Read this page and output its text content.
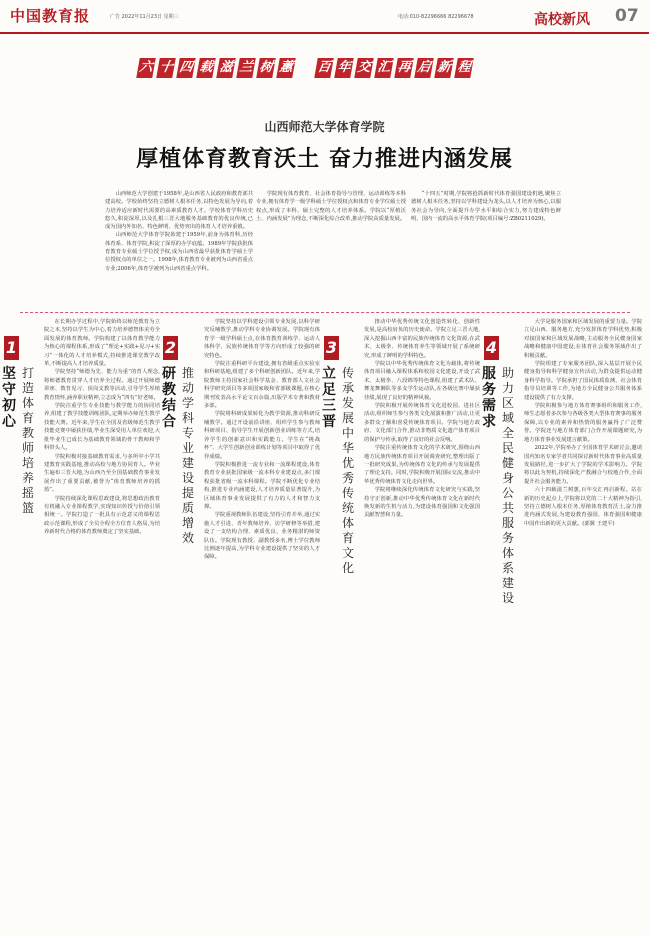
中国教育报	广告 2022年11月23日 星期三	电话:010-82296666 82296678	高校新风 07
六 十 四 载 滋 兰 树 蕙 百 年 交 汇 再 启 新 程
山西师范大学体育学院
厚植体育教育沃土 奋力推进内涵发展

山西师范大学创建于1958年,是山西省人民政府和教育部共建高校。学校始终坚持立德树人根本任务,以特色发展为导向,着力培养适应新时代需要的高素质教育人才。学校体育学科历史悠久,积淀深厚,以及扎根三晋大地服务基础教育的优良传统,已成为国内外知名、特色鲜明、优势突出的体育人才培养重镇。

山西师范大学体育学院始建于1959年,前身为体育科,历经体育系、体育学院,积淀了深厚的办学底蕴。1989年学院获批体育教育专业硕士学位授予权,成为山西省最早获批体育学硕士学位授权点的单位之一。1998年,体育教育专业被列为山西省重点专业;2006年,体育学被列为山西省重点学科。

学院现有体育教育、社会体育指导与管理、运动训练等本科专业,拥有体育学一级学科硕士学位授权点和体育专业学位硕士授权点,形成了本科、硕士完整的人才培养体系。学院以“厚植沃土、内涵发展”为理念,不断深化综合改革,推动学院高质量发展。

“十四五”时期,学院将抢抓新时代体育强国建设机遇,聚焦立德树人根本任务,坚持以学科建设为龙头,以人才培养为核心,以服务社会为导向,全面提升办学水平和综合实力,努力建成特色鲜明、国内一流的高水平体育学院(项目编号:ZB0211029)。

1
坚守初心
打造体育教师培养摇篮

在长期办学过程中,学院始终以师范教育为立院之本,坚持以学生为中心,着力培养德智体美劳全面发展的体育教师。学院构建了以体育教学能力为核心的课程体系,形成了“理论+实践+见习+实习”一体化的人才培养模式,持续推进课堂教学改革,不断提高人才培养质量。

学院坚持“师德为先、能力为重”的育人理念,将师德教育贯穿人才培养全过程。通过开展师德讲座、教育见习、顶岗支教等活动,引导学生厚植教育情怀,涵养职业精神,立志成为“四有”好老师。

学院注重学生专业技能与教学能力的协同培养,组建了教学技能训练团队,定期举办师范生教学技能大赛。近年来,学生在全国及省级师范生教学技能竞赛中屡获佳绩,毕业生深受用人单位欢迎,大批毕业生已成长为基础教育领域的骨干教师和学科带头人。

学院积极对接基础教育需求,与多所中小学共建教育实践基地,推动高校与地方协同育人。毕业生遍布三晋大地,为山西乃至全国基础教育事业发展作出了重要贡献,被誉为“体育教师培养的摇篮”。

学院持续深化课程思政建设,将思想政治教育有机融入专业课程教学,实现知识传授与价值引领相统一。学院打造了一批具有示范意义的课程思政示范课程,形成了全员全程全方位育人格局,为培养新时代合格的体育教师奠定了坚实基础。

2
研教结合
推动学科专业建设提质增效

学院坚持以学科建设引领专业发展,以科学研究反哺教学,推动学科专业协调发展。学院现有体育学一级学科硕士点,在体育教育训练学、运动人体科学、民族传统体育学等方向形成了较强的研究特色。

学院注重科研平台建设,拥有省级重点实验室和科研基地,组建了多个科研创新团队。近年来,学院教师主持国家社会科学基金、教育部人文社会科学研究项目等多项国家级和省部级课题,在核心期刊发表高水平论文百余篇,出版学术专著和教材多部。

学院将科研成果转化为教学资源,推动科研反哺教学。通过开设前沿讲座、组织学生参与教师科研项目、指导学生开展创新创业训练等方式,培养学生的创新意识和实践能力。学生在“挑战杯”、大学生创新创业训练计划等项目中取得了优异成绩。

学院积极推进一流专业和一流课程建设,体育教育专业获批国家级一流本科专业建设点,多门课程获批省级一流本科课程。学院不断优化专业结构,推进专业内涵建设,人才培养质量显著提升,为区域体育事业发展提供了有力的人才和智力支撑。

学院重视教师队伍建设,坚持引育并举,通过实施人才引进、青年教师培养、访学研修等举措,建设了一支结构合理、素质优良、业务精湛的师资队伍。学院现有教授、副教授多名,博士学位教师比例逐年提高,为学科专业建设提供了坚实的人才保障。

3
立足三晋
传承发展中华优秀传统体育文化

推动中华优秀传统文化创造性转化、创新性发展,是高校肩负的历史使命。学院立足三晋大地,深入挖掘山西丰富的民族传统体育文化资源,在武术、太极拳、传统体育养生等领域开展了系统研究,形成了鲜明的学科特色。

学院以中华优秀传统体育文化为载体,将传统体育项目融入课程体系和校园文化建设,开设了武术、太极拳、八段锦等特色课程,组建了武术队、舞龙舞狮队等多支学生运动队,在各级比赛中屡获佳绩,展现了良好的精神风貌。

学院积极开展传统体育文化进校园、进社区活动,组织师生参与各类文化展演和推广活动,让更多群众了解和喜爱传统体育项目。学院与地方政府、文化部门合作,推动非物质文化遗产体育项目的保护与传承,取得了良好的社会反响。

学院注重传统体育文化的学术研究,围绕山西地方民族传统体育项目开展调查研究,整理出版了一批研究成果,为传统体育文化的传承与发展提供了理论支持。同时,学院积极开展国际交流,推动中华优秀传统体育文化走向世界。

学院将继续深化传统体育文化研究与实践,坚持守正创新,推动中华优秀传统体育文化在新时代焕发新的生机与活力,为建设体育强国和文化强国贡献智慧和力量。

4
服务需求
助力区域全民健身公共服务体系建设

大学是服务国家和区域发展的重要力量。学院立足山西、服务地方,充分发挥体育学科优势,积极对接国家和区域发展战略,主动服务全民健身国家战略和健康中国建设,在体育社会服务领域作出了积极贡献。

学院组建了专家服务团队,深入基层开展全民健身指导和科学健身宣传活动,为群众提供运动健身科学指导。学院承担了国民体质监测、社会体育指导员培训等工作,为地方全民健身公共服务体系建设提供了有力支撑。

学院积极参与地方体育赛事组织和服务工作,师生志愿者多次参与各级各类大型体育赛事的服务保障,以专业的素养和热情的服务赢得了广泛赞誉。学院还与地方体育部门合作开展课题研究,为地方体育事业发展建言献策。

2022年,学院举办了全国体育学术研讨会,邀请国内知名专家学者共同探讨新时代体育事业高质量发展路径,进一步扩大了学院的学术影响力。学院将以此为契机,持续深化产教融合与校地合作,全面提升社会服务能力。

六十四载滋兰树蕙,百年交汇再启新程。站在新的历史起点上,学院将以党的二十大精神为指引,坚持立德树人根本任务,厚植体育教育沃土,奋力推进内涵式发展,为建设教育强国、体育强国和健康中国作出新的更大贡献。(郭翼 王建平)
